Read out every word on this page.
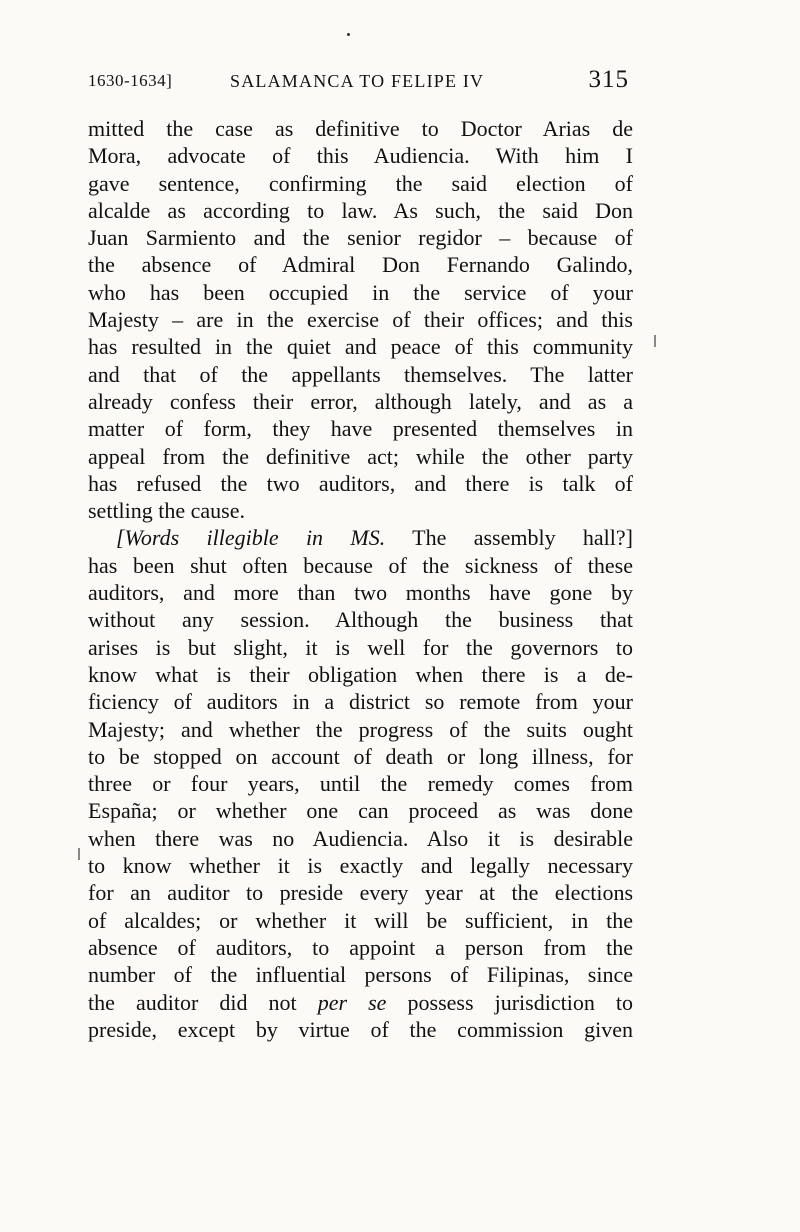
1630-1634]	SALAMANCA TO FELIPE IV	315
mitted the case as definitive to Doctor Arias de
Mora, advocate of this Audiencia. With him I
gave sentence, confirming the said election of
alcalde as according to law. As such, the said Don
Juan Sarmiento and the senior regidor – because of
the absence of Admiral Don Fernando Galindo,
who has been occupied in the service of your
Majesty – are in the exercise of their offices; and this
has resulted in the quiet and peace of this community
and that of the appellants themselves. The latter
already confess their error, although lately, and as a
matter of form, they have presented themselves in
appeal from the definitive act; while the other party
has refused the two auditors, and there is talk of
settling the cause.
[Words illegible in MS. The assembly hall?]
has been shut often because of the sickness of these
auditors, and more than two months have gone by
without any session. Although the business that
arises is but slight, it is well for the governors to
know what is their obligation when there is a de-
ficiency of auditors in a district so remote from your
Majesty; and whether the progress of the suits ought
to be stopped on account of death or long illness, for
three or four years, until the remedy comes from
España; or whether one can proceed as was done
when there was no Audiencia. Also it is desirable
to know whether it is exactly and legally necessary
for an auditor to preside every year at the elections
of alcaldes; or whether it will be sufficient, in the
absence of auditors, to appoint a person from the
number of the influential persons of Filipinas, since
the auditor did not per se possess jurisdiction to
preside, except by virtue of the commission given
